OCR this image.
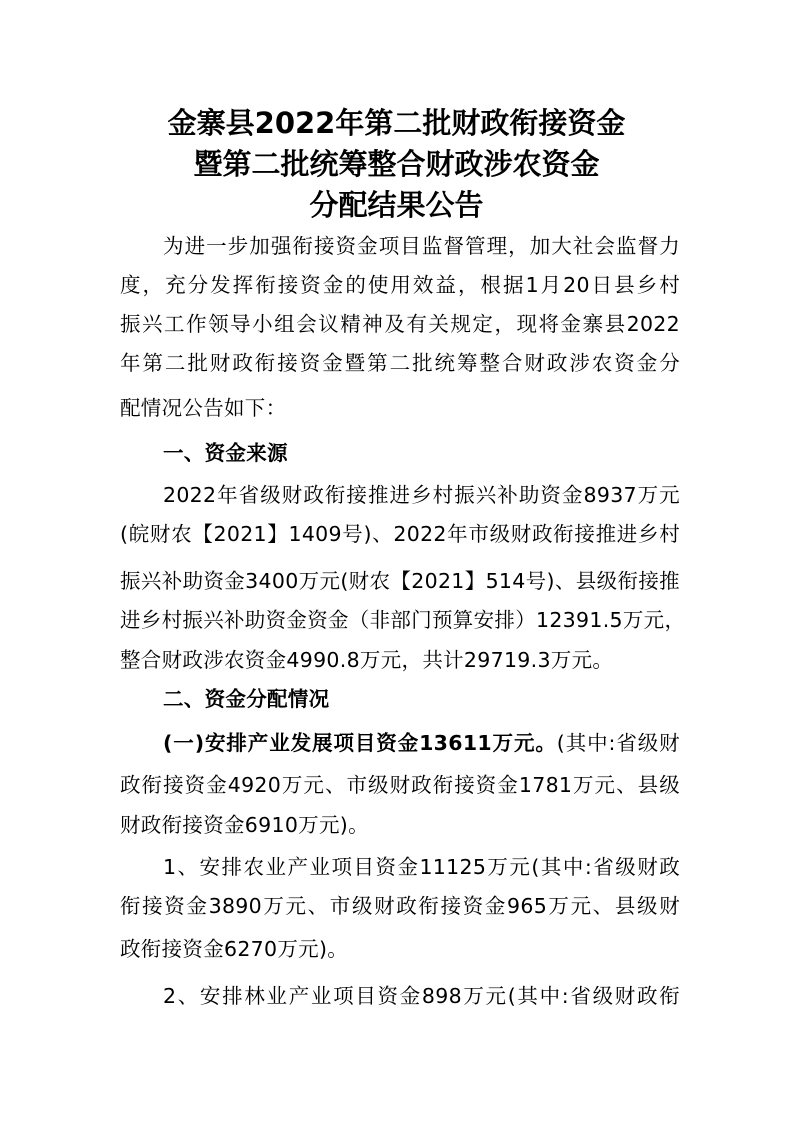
金寨县2022年第二批财政衔接资金
暨第二批统筹整合财政涉农资金
分配结果公告
为进一步加强衔接资金项目监督管理，加大社会监督力
度，充分发挥衔接资金的使用效益，根据1月20日县乡村
振兴工作领导小组会议精神及有关规定，现将金寨县2022
年第二批财政衔接资金暨第二批统筹整合财政涉农资金分
配情况公告如下：
一、资金来源
2022年省级财政衔接推进乡村振兴补助资金8937万元
(皖财农【2021】1409号)、2022年市级财政衔接推进乡村
振兴补助资金3400万元(财农【2021】514号)、县级衔接推
进乡村振兴补助资金资金（非部门预算安排）12391.5万元，
整合财政涉农资金4990.8万元，共计29719.3万元。
二、资金分配情况
(一)安排产业发展项目资金13611万元。(其中:省级财
政衔接资金4920万元、市级财政衔接资金1781万元、县级
财政衔接资金6910万元)。
1、安排农业产业项目资金11125万元(其中:省级财政
衔接资金3890万元、市级财政衔接资金965万元、县级财
政衔接资金6270万元)。
2、安排林业产业项目资金898万元(其中:省级财政衔
